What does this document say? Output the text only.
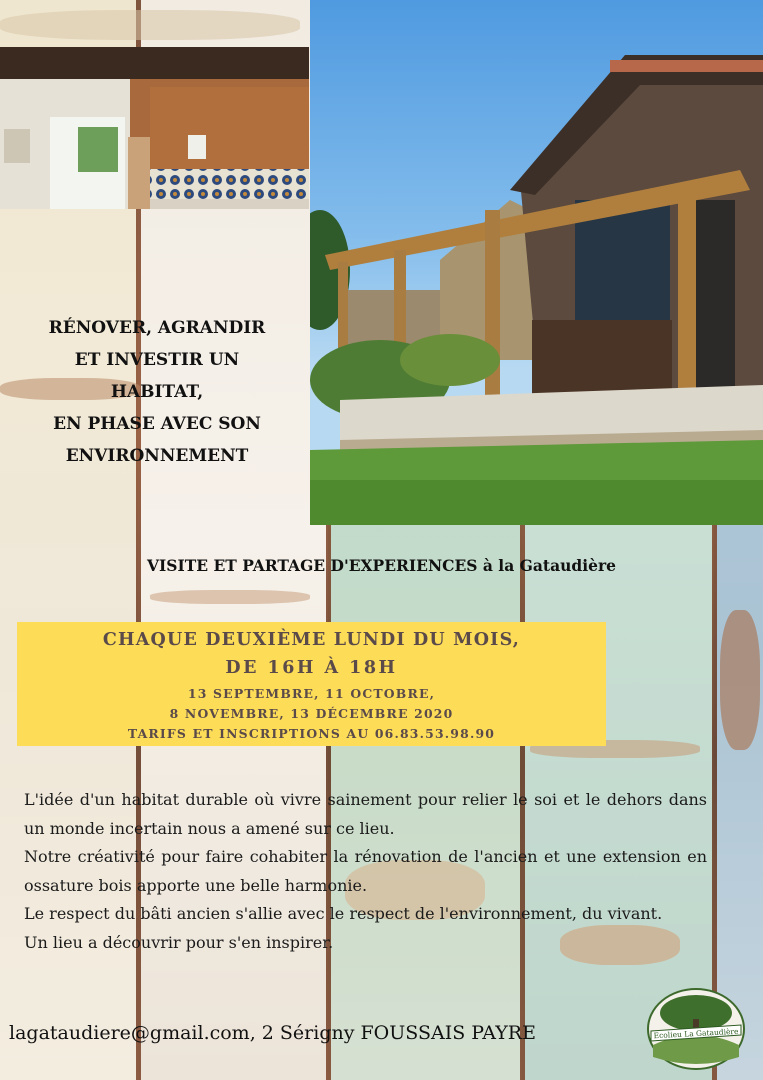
RÉNOVER, AGRANDIR
ET INVESTIR UN
HABITAT,
EN PHASE AVEC SON
ENVIRONNEMENT
VISITE ET PARTAGE D'EXPERIENCES à la Gataudière
CHAQUE DEUXIÈME LUNDI DU MOIS,
DE 16H À 18H
13 SEPTEMBRE, 11 OCTOBRE,
8 NOVEMBRE, 13 DÉCEMBRE 2020
TARIFS ET INSCRIPTIONS AU 06.83.53.98.90

L'idée d'un habitat durable où vivre sainement pour relier le soi et le dehors dans un monde incertain nous a amené sur ce lieu.

Notre créativité pour faire cohabiter la rénovation de l'ancien et une extension en ossature bois apporte une belle harmonie.

Le respect du bâti ancien s'allie avec le respect de l'environnement, du vivant.

Un lieu a découvrir pour s'en inspirer.

lagataudiere@gmail.com, 2 Sérigny FOUSSAIS PAYRE	Ecolieu La Gataudière
